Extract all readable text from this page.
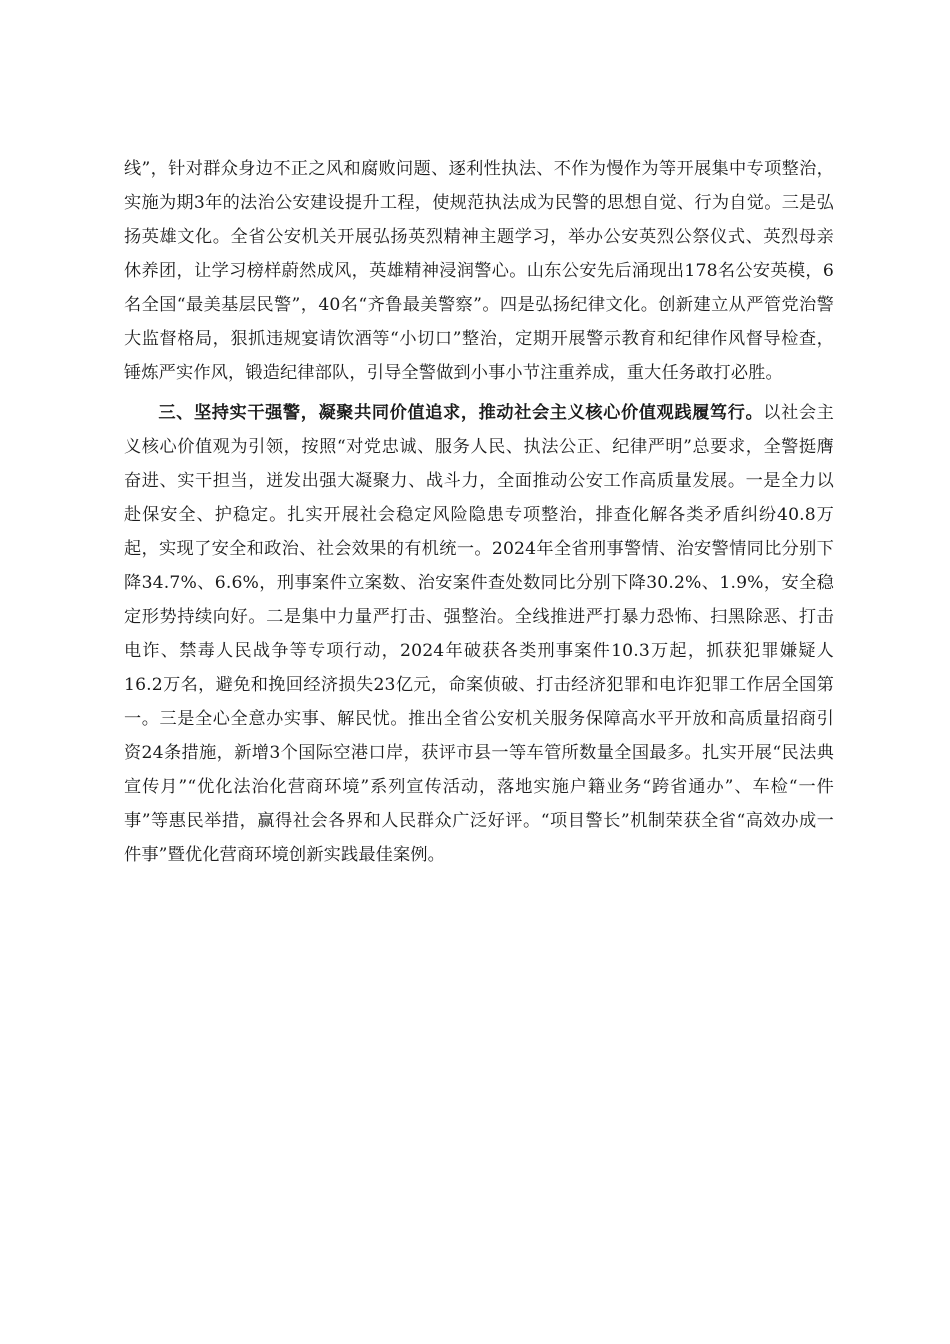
线”，针对群众身边不正之风和腐败问题、逐利性执法、不作为慢作为等开展集中专项整治，实施为期3年的法治公安建设提升工程，使规范执法成为民警的思想自觉、行为自觉。三是弘扬英雄文化。全省公安机关开展弘扬英烈精神主题学习，举办公安英烈公祭仪式、英烈母亲休养团，让学习榜样蔚然成风，英雄精神浸润警心。山东公安先后涌现出178名公安英模，6名全国“最美基层民警”，40名“齐鲁最美警察”。四是弘扬纪律文化。创新建立从严管党治警大监督格局，狠抓违规宴请饮酒等“小切口”整治，定期开展警示教育和纪律作风督导检查，锤炼严实作风，锻造纪律部队，引导全警做到小事小节注重养成，重大任务敢打必胜。

三、坚持实干强警，凝聚共同价值追求，推动社会主义核心价值观践履笃行。以社会主义核心价值观为引领，按照“对党忠诚、服务人民、执法公正、纪律严明”总要求，全警挺膺奋进、实干担当，迸发出强大凝聚力、战斗力，全面推动公安工作高质量发展。一是全力以赴保安全、护稳定。扎实开展社会稳定风险隐患专项整治，排查化解各类矛盾纠纷40.8万起，实现了安全和政治、社会效果的有机统一。2024年全省刑事警情、治安警情同比分别下降34.7%、6.6%，刑事案件立案数、治安案件查处数同比分别下降30.2%、1.9%，安全稳定形势持续向好。二是集中力量严打击、强整治。全线推进严打暴力恐怖、扫黑除恶、打击电诈、禁毒人民战争等专项行动，2024年破获各类刑事案件10.3万起，抓获犯罪嫌疑人16.2万名，避免和挽回经济损失23亿元，命案侦破、打击经济犯罪和电诈犯罪工作居全国第一。三是全心全意办实事、解民忧。推出全省公安机关服务保障高水平开放和高质量招商引资24条措施，新增3个国际空港口岸，获评市县一等车管所数量全国最多。扎实开展“民法典宣传月”“优化法治化营商环境”系列宣传活动，落地实施户籍业务“跨省通办”、车检“一件事”等惠民举措，赢得社会各界和人民群众广泛好评。“项目警长”机制荣获全省“高效办成一件事”暨优化营商环境创新实践最佳案例。
